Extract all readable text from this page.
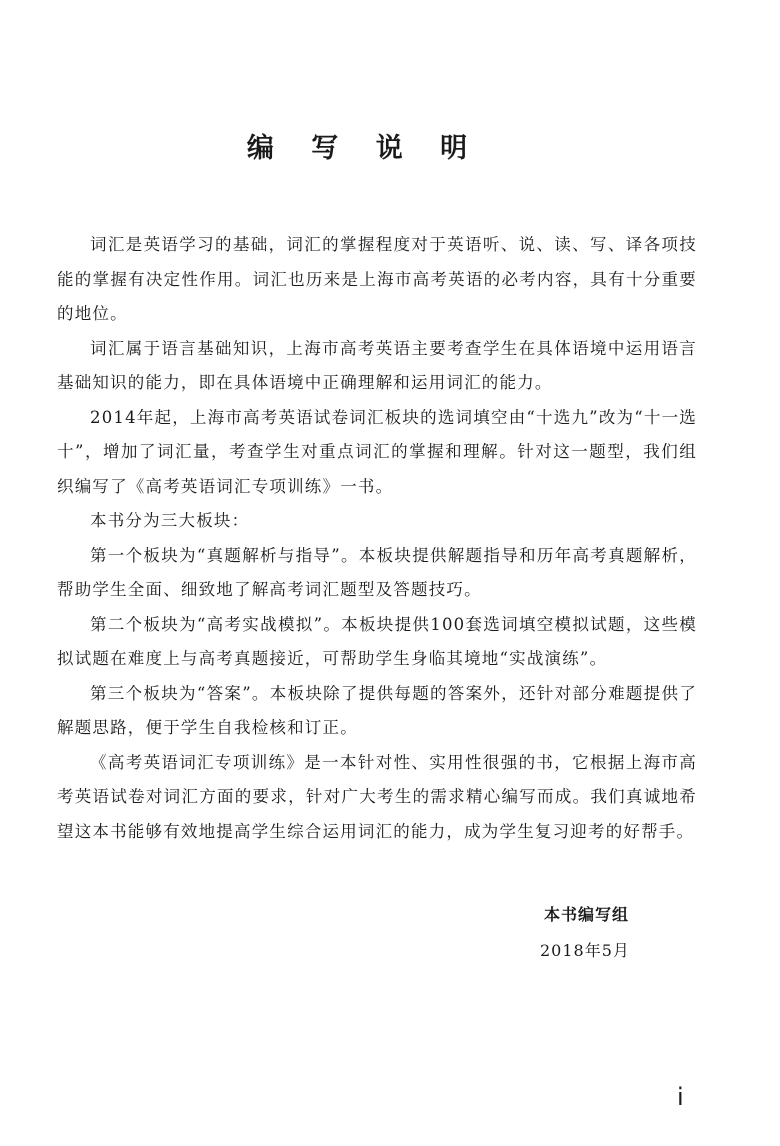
编 写 说 明

词汇是英语学习的基础，词汇的掌握程度对于英语听、说、读、写、译各项技能的掌握有决定性作用。词汇也历来是上海市高考英语的必考内容，具有十分重要的地位。

词汇属于语言基础知识，上海市高考英语主要考查学生在具体语境中运用语言基础知识的能力，即在具体语境中正确理解和运用词汇的能力。

2014年起，上海市高考英语试卷词汇板块的选词填空由“十选九”改为“十一选十”，增加了词汇量，考查学生对重点词汇的掌握和理解。针对这一题型，我们组织编写了《高考英语词汇专项训练》一书。

本书分为三大板块：

第一个板块为“真题解析与指导”。本板块提供解题指导和历年高考真题解析，帮助学生全面、细致地了解高考词汇题型及答题技巧。

第二个板块为“高考实战模拟”。本板块提供100套选词填空模拟试题，这些模拟试题在难度上与高考真题接近，可帮助学生身临其境地“实战演练”。

第三个板块为“答案”。本板块除了提供每题的答案外，还针对部分难题提供了解题思路，便于学生自我检核和订正。

《高考英语词汇专项训练》是一本针对性、实用性很强的书，它根据上海市高考英语试卷对词汇方面的要求，针对广大考生的需求精心编写而成。我们真诚地希望这本书能够有效地提高学生综合运用词汇的能力，成为学生复习迎考的好帮手。

本书编写组

2018年5月

i
